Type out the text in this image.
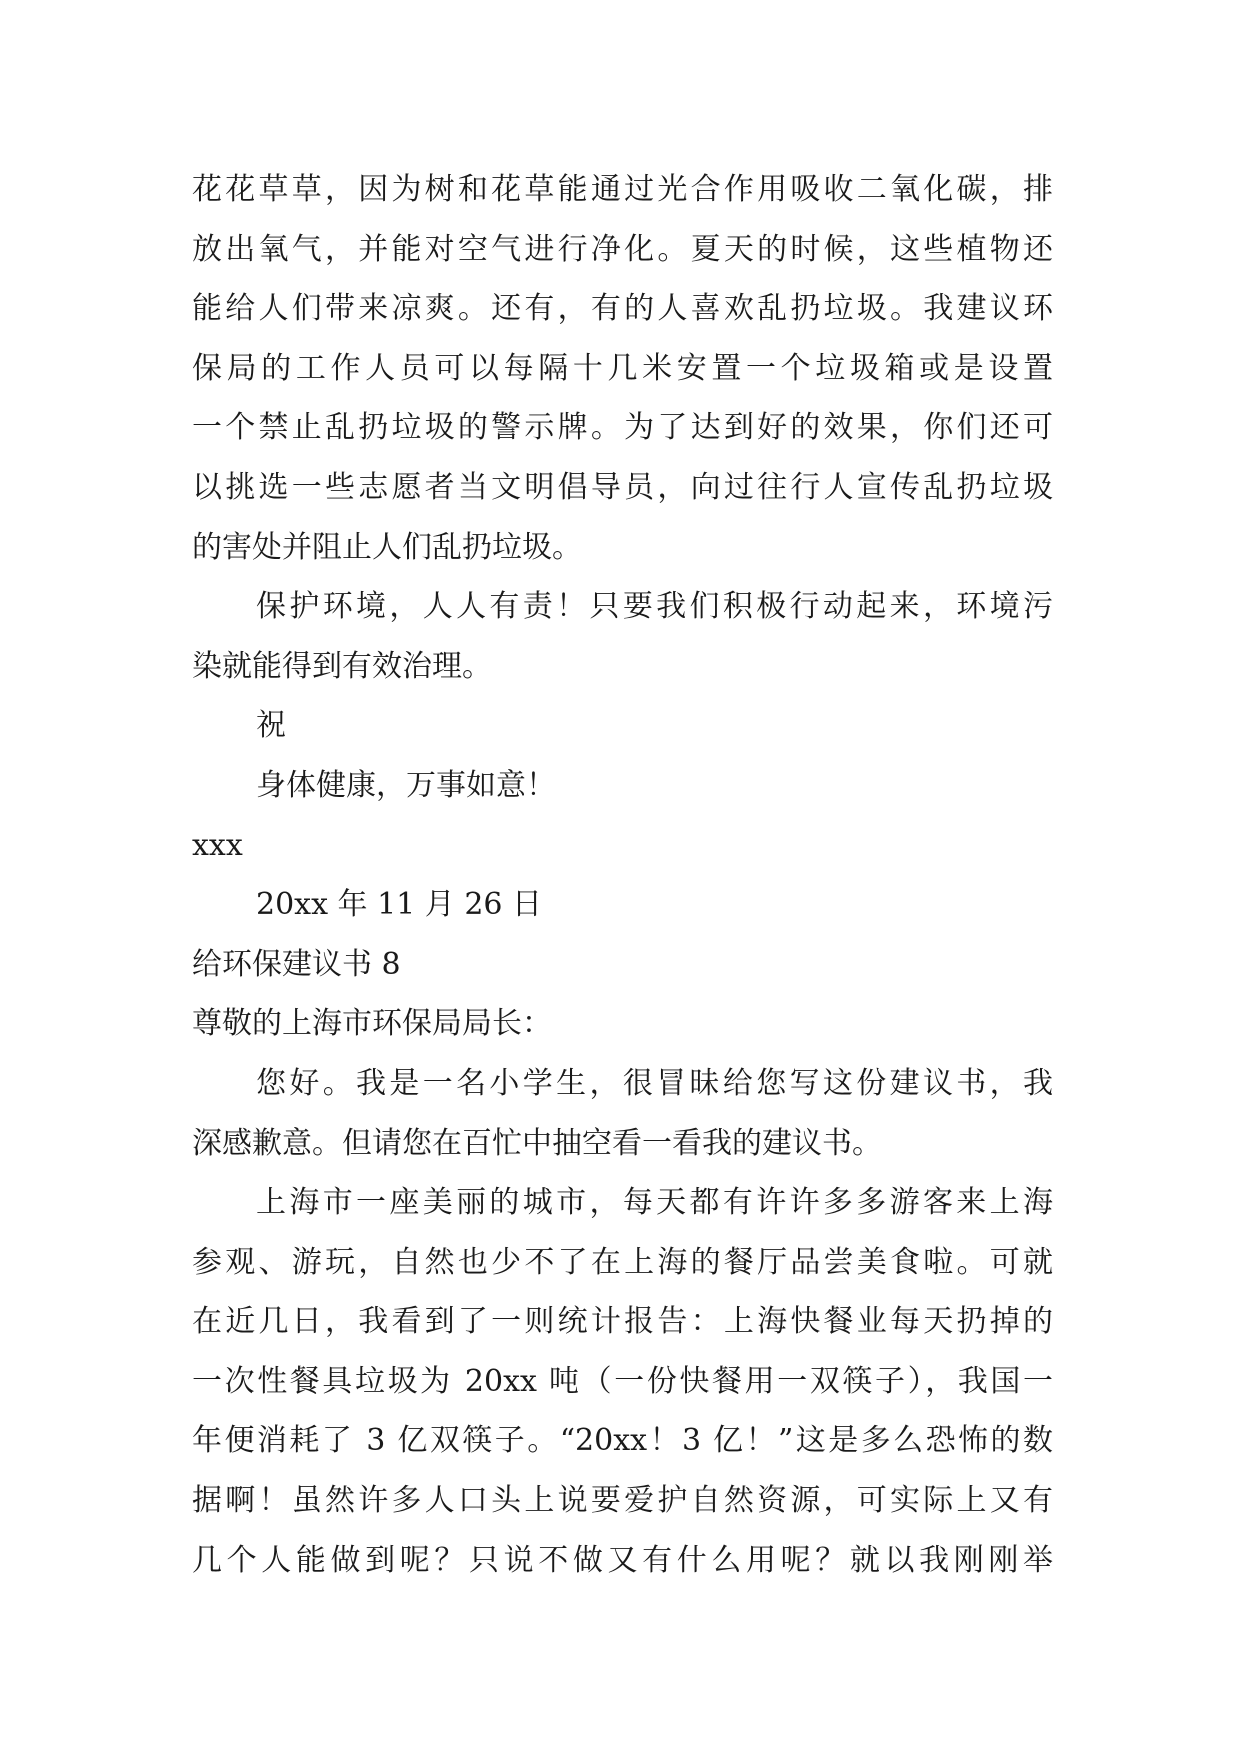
花花草草，因为树和花草能通过光合作用吸收二氧化碳，排
放出氧气，并能对空气进行净化。夏天的时候，这些植物还
能给人们带来凉爽。还有，有的人喜欢乱扔垃圾。我建议环
保局的工作人员可以每隔十几米安置一个垃圾箱或是设置
一个禁止乱扔垃圾的警示牌。为了达到好的效果，你们还可
以挑选一些志愿者当文明倡导员，向过往行人宣传乱扔垃圾
的害处并阻止人们乱扔垃圾。
保护环境，人人有责！只要我们积极行动起来，环境污
染就能得到有效治理。
祝
身体健康，万事如意！
xxx
20xx 年 11 月 26 日
给环保建议书 8
尊敬的上海市环保局局长：
您好。我是一名小学生，很冒昧给您写这份建议书，我
深感歉意。但请您在百忙中抽空看一看我的建议书。
上海市一座美丽的城市，每天都有许许多多游客来上海
参观、游玩，自然也少不了在上海的餐厅品尝美食啦。可就
在近几日，我看到了一则统计报告：上海快餐业每天扔掉的
一次性餐具垃圾为 20xx 吨（一份快餐用一双筷子），我国一
年便消耗了 3 亿双筷子。“20xx！3 亿！”这是多么恐怖的数
据啊！虽然许多人口头上说要爱护自然资源，可实际上又有
几个人能做到呢？只说不做又有什么用呢？就以我刚刚举
